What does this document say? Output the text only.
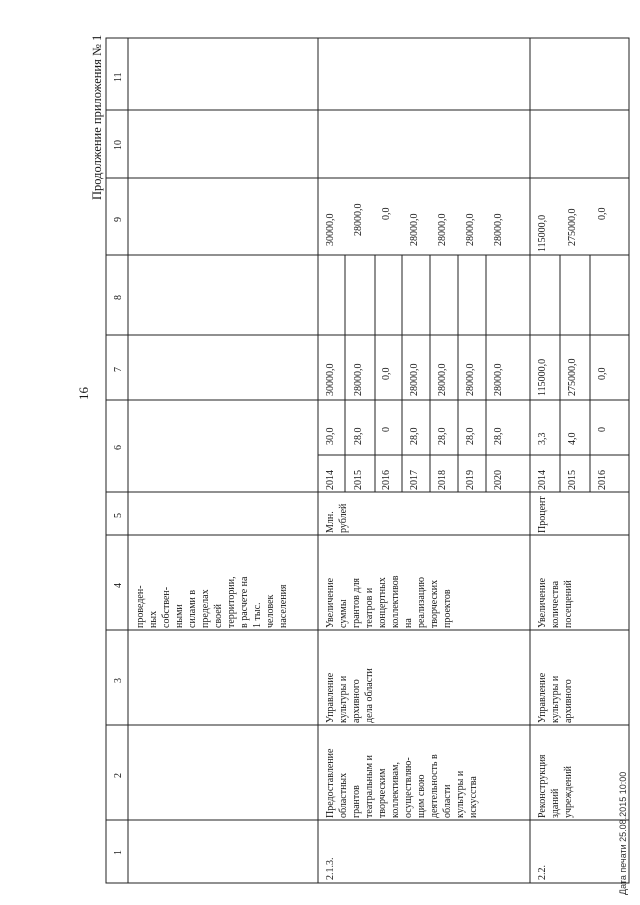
16
Продолжение приложения № 1
Дата печати 25.08.2015 10:00
1
2
3
4
5
6
7
8
9
10
11
проведен- ных собствен- ными силами в пределах своей территории, в расчете на 1 тыс. человек населения
2.1.3.
Предоставление областных грантов театральным и творческим коллективам, осуществляю- щим свою деятельность в области культуры и искусства
Управление культуры и архивного дела области
Увеличение суммы грантов для театров и концертных коллективов на реализацию творческих проектов
Млн. рублей
2014 2015 2016 2017 2018 2019 2020
30,0 28,0 0 28,0 28,0 28,0 28,0
30000,0 28000,0 0,0 28000,0 28000,0 28000,0 28000,0
30000,0 28000,0 0,0 28000,0 28000,0 28000,0 28000,0
2.2.
Реконструкция зданий учреждений
Управление культуры и архивного
Увеличение количества посещений
Процент
2014 2015 2016
3,3 4,0
0
115000,0 275000,0 0,0
115000,0 275000,0 0,0
